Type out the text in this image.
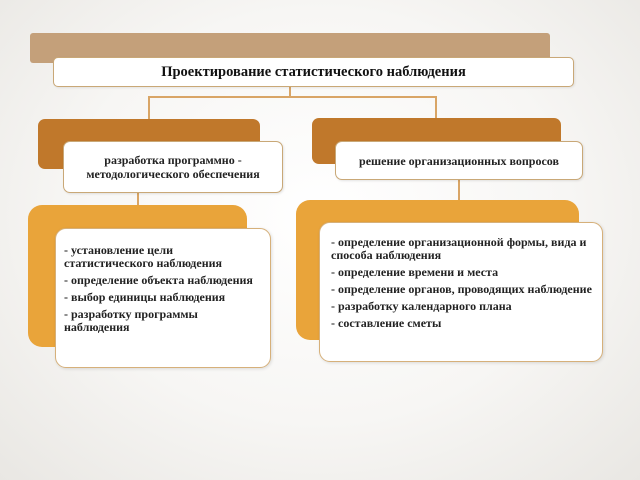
Проектирование статистического наблюдения
разработка программно - методологического обеспечения
- установление цели статистического наблюдения
- определение объекта наблюдения
- выбор единицы наблюдения
- разработку программы наблюдения
решение организационных вопросов
- определение организационной формы, вида и способа наблюдения
- определение времени и места
- определение органов, проводящих наблюдение
- разработку календарного плана
- составление сметы
